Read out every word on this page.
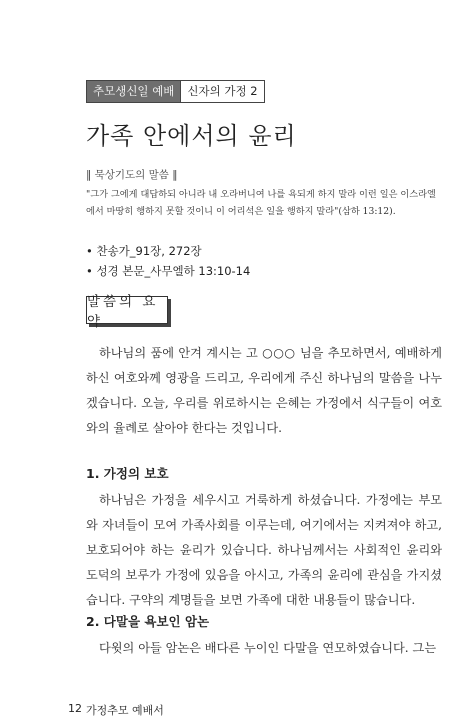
추모생신일 예배	신자의 가정 2
가족 안에서의 윤리
‖ 묵상기도의 말씀 ‖
"그가 그에게 대답하되 아니라 내 오라버니여 나를 욕되게 하지 말라 이런 일은 이스라엘에서 마땅히 행하지 못할 것이니 이 어리석은 일을 행하지 말라"(삼하 13:12).
• 찬송가_91장, 272장
• 성경 본문_사무엘하 13:10-14
말씀의 요약

하나님의 품에 안겨 계시는 고 ○○○ 님을 추모하면서, 예배하게 하신 여호와께 영광을 드리고, 우리에게 주신 하나님의 말씀을 나누겠습니다. 오늘, 우리를 위로하시는 은혜는 가정에서 식구들이 여호와의 율례로 살아야 한다는 것입니다.

1. 가정의 보호

하나님은 가정을 세우시고 거룩하게 하셨습니다. 가정에는 부모와 자녀들이 모여 가족사회를 이루는데, 여기에서는 지켜져야 하고, 보호되어야 하는 윤리가 있습니다. 하나님께서는 사회적인 윤리와 도덕의 보루가 가정에 있음을 아시고, 가족의 윤리에 관심을 가지셨습니다. 구약의 계명들을 보면 가족에 대한 내용들이 많습니다.

2. 다말을 욕보인 암논

다윗의 아들 암논은 배다른 누이인 다말을 연모하였습니다. 그는

12 가정추모 예배서
